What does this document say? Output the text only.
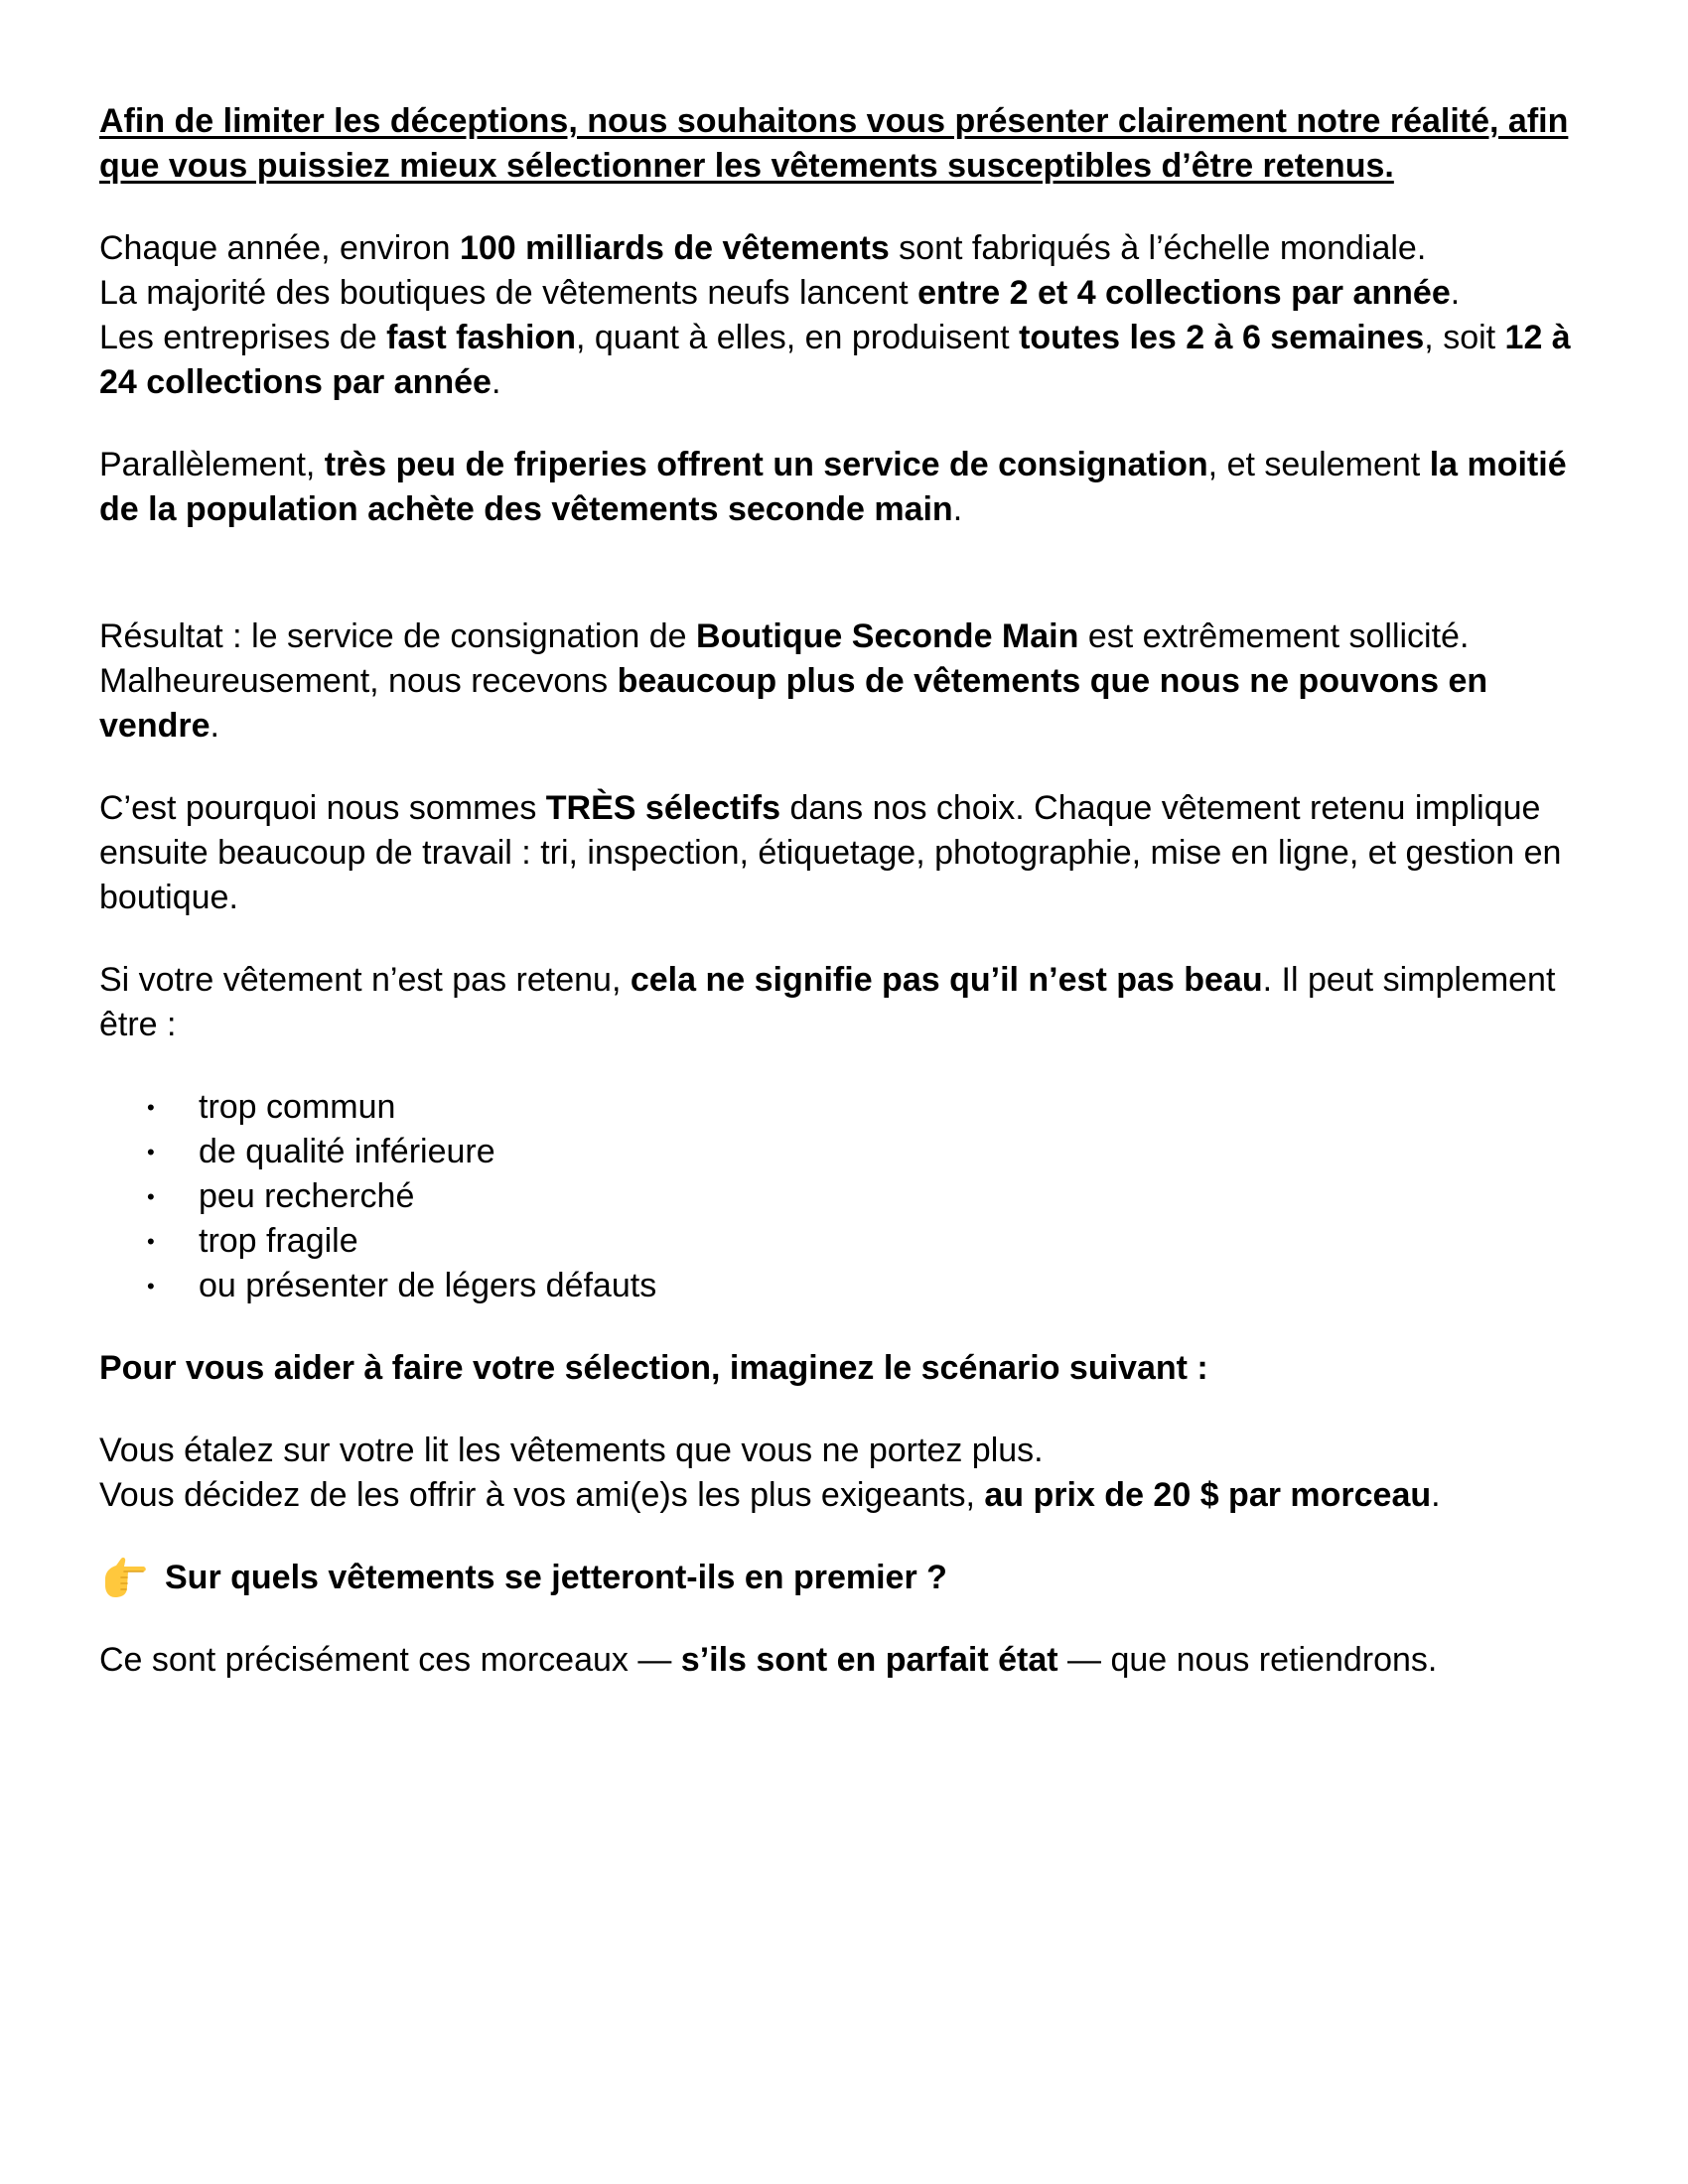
Afin de limiter les déceptions, nous souhaitons vous présenter clairement notre réalité, afin que vous puissiez mieux sélectionner les vêtements susceptibles d’être retenus.

Chaque année, environ 100 milliards de vêtements sont fabriqués à l’échelle mondiale.
La majorité des boutiques de vêtements neufs lancent entre 2 et 4 collections par année.
Les entreprises de fast fashion, quant à elles, en produisent toutes les 2 à 6 semaines, soit 12 à 24 collections par année.

Parallèlement, très peu de friperies offrent un service de consignation, et seulement la moitié de la population achète des vêtements seconde main.

Résultat : le service de consignation de Boutique Seconde Main est extrêmement sollicité. Malheureusement, nous recevons beaucoup plus de vêtements que nous ne pouvons en vendre.

C’est pourquoi nous sommes TRÈS sélectifs dans nos choix. Chaque vêtement retenu implique ensuite beaucoup de travail : tri, inspection, étiquetage, photographie, mise en ligne, et gestion en boutique.

Si votre vêtement n’est pas retenu, cela ne signifie pas qu’il n’est pas beau. Il peut simplement être :

• trop commun
• de qualité inférieure
• peu recherché
• trop fragile
• ou présenter de légers défauts

Pour vous aider à faire votre sélection, imaginez le scénario suivant :

Vous étalez sur votre lit les vêtements que vous ne portez plus.
Vous décidez de les offrir à vos ami(e)s les plus exigeants, au prix de 20 $ par morceau.

Sur quels vêtements se jetteront-ils en premier ?

Ce sont précisément ces morceaux — s’ils sont en parfait état — que nous retiendrons.
